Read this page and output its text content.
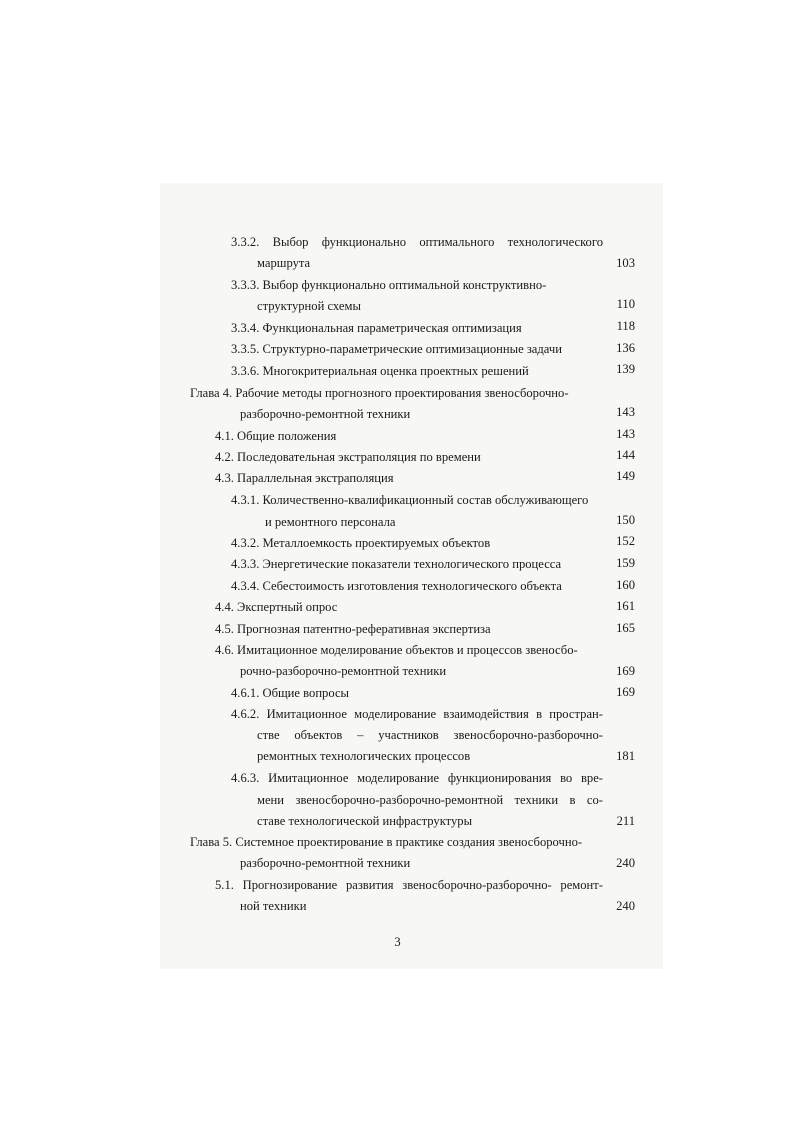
3.3.2. Выбор функционально оптимального технологического
маршрута	103
3.3.3. Выбор функционально оптимальной конструктивно-
структурной схемы	110
3.3.4. Функциональная параметрическая оптимизация	118
3.3.5. Структурно-параметрические оптимизационные задачи	136
3.3.6. Многокритериальная оценка проектных решений	139
Глава 4. Рабочие методы прогнозного проектирования звеносборочно-
разборочно-ремонтной техники	143
4.1. Общие положения	143
4.2. Последовательная экстраполяция по времени	144
4.3. Параллельная экстраполяция	149
4.3.1. Количественно-квалификационный состав обслуживающего
и ремонтного персонала	150
4.3.2. Металлоемкость проектируемых объектов	152
4.3.3. Энергетические показатели технологического процесса	159
4.3.4. Себестоимость изготовления технологического объекта	160
4.4. Экспертный опрос	161
4.5. Прогнозная патентно-реферативная экспертиза	165
4.6. Имитационное моделирование объектов и процессов звеносбо-
рочно-разборочно-ремонтной техники	169
4.6.1. Общие вопросы	169
4.6.2. Имитационное моделирование взаимодействия в простран-
стве объектов – участников звеносборочно-разборочно-
ремонтных технологических процессов	181
4.6.3. Имитационное моделирование функционирования во вре-
мени звеносборочно-разборочно-ремонтной техники в со-
ставе технологической инфраструктуры	211
Глава 5. Системное проектирование в практике создания звеносборочно-
разборочно-ремонтной техники	240
5.1. Прогнозирование развития звеносборочно-разборочно- ремонт-
ной техники	240
3
